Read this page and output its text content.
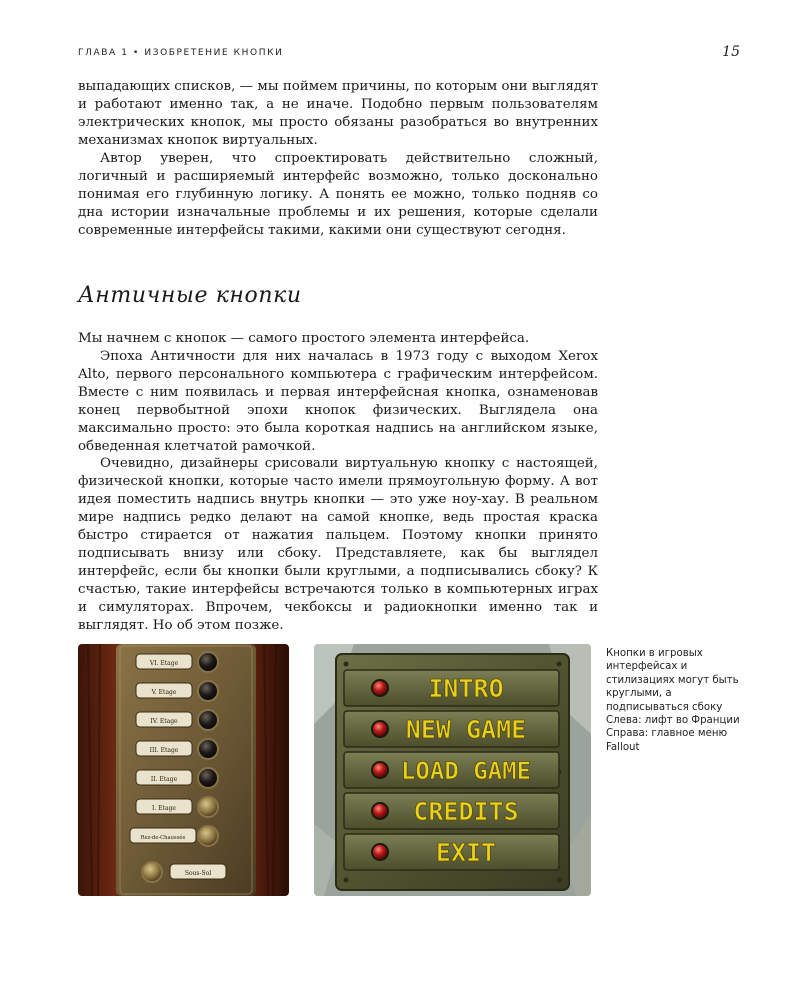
ГЛАВА 1 • ИЗОБРЕТЕНИЕ КНОПКИ	15

выпадающих списков, — мы поймем причины, по которым они выглядят и работают именно так, а не иначе. Подобно первым пользователям электрических кнопок, мы просто обязаны разобраться во внутренних механизмах кнопок виртуальных.

Автор уверен, что спроектировать действительно сложный, логичный и расширяемый интерфейс возможно, только досконально понимая его глубинную логику. А понять ее можно, только подняв со дна истории изначальные проблемы и их решения, которые сделали современные интерфейсы такими, какими они существуют сегодня.

Античные кнопки

Мы начнем с кнопок — самого простого элемента интерфейса.

Эпоха Античности для них началась в 1973 году с выходом Xerox Alto, первого персонального компьютера с графическим интерфейсом. Вместе с ним появилась и первая интерфейсная кнопка, ознаменовав конец первобытной эпохи кнопок физических. Выглядела она максимально просто: это была короткая надпись на английском языке, обведенная клетчатой рамочкой.

Очевидно, дизайнеры срисовали виртуальную кнопку с настоящей, физической кнопки, которые часто имели прямоугольную форму. А вот идея поместить надпись внутрь кнопки — это уже ноу-хау. В реальном мире надпись редко делают на самой кнопке, ведь простая краска быстро стирается от нажатия пальцем. Поэтому кнопки принято подписывать внизу или сбоку. Представляете, как бы выглядел интерфейс, если бы кнопки были круглыми, а подписывались сбоку? К счастью, такие интерфейсы встречаются только в компьютерных играх и симуляторах. Впрочем, чекбоксы и радиокнопки именно так и выглядят. Но об этом позже.

VI. Etage
V. Etage
IV. Etage
III. Etage
II. Etage
I. Etage
Rez-de-Chaussée
Sous-Sol
INTRO
NEW GAME
LOAD GAME
CREDITS
EXIT
Кнопки в игровых интерфейсах и стилизациях могут быть круглыми, а подписываться сбоку
Слева: лифт во Франции
Справа: главное меню Fallout
